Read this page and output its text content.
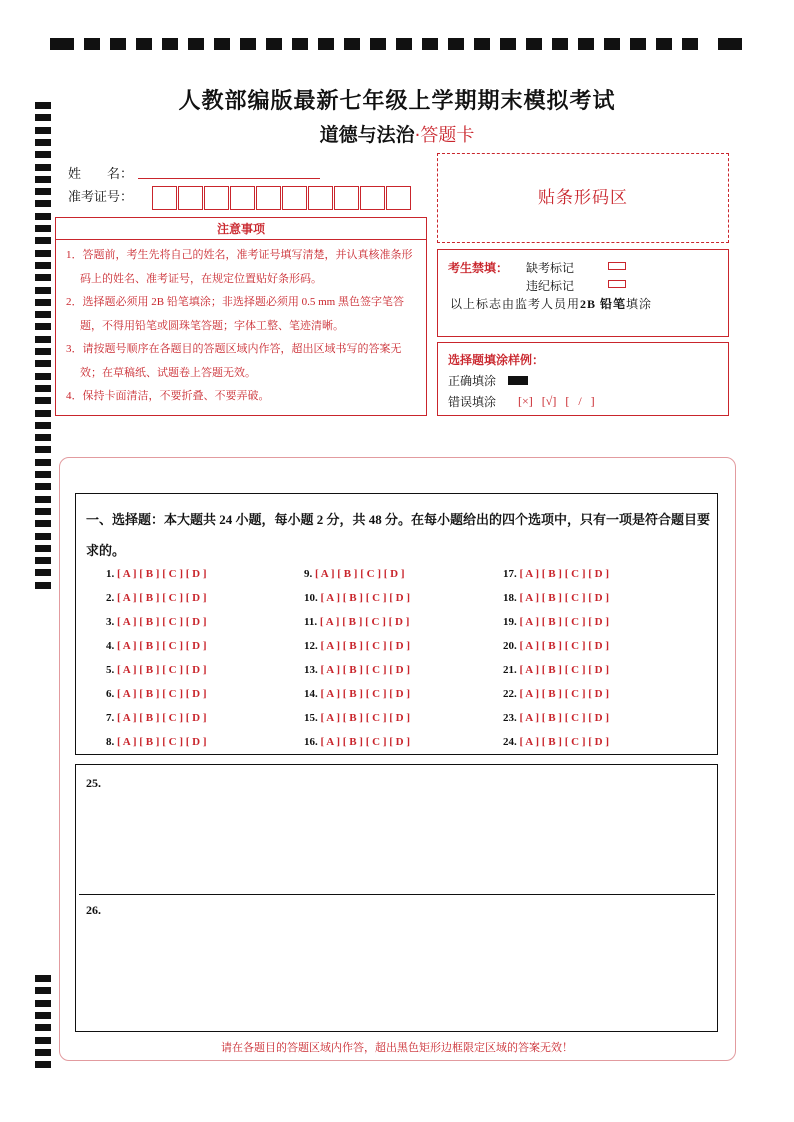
人教部编版最新七年级上学期期末模拟考试
道德与法治·答题卡
姓　　名：
准考证号：
注意事项
1．答题前，考生先将自己的姓名，准考证号填写清楚，并认真核准条形码上的姓名、准考证号，在规定位置贴好条形码。
2．选择题必须用 2B 铅笔填涂；非选择题必须用 0.5 mm 黑色签字笔答题，不得用铅笔或圆珠笔答题；字体工整、笔迹清晰。
3．请按题号顺序在各题目的答题区域内作答，超出区域书写的答案无效；在草稿纸、试题卷上答题无效。
4．保持卡面清洁，不要折叠、不要弄破。
贴条形码区
考生禁填： 缺考标记
违纪标记
以上标志由监考人员用2B 铅笔填涂
选择题填涂样例：
正确填涂
错误填涂 [×] [√] [ / ]
一、选择题：本大题共 24 小题，每小题 2 分，共 48 分。在每小题给出的四个选项中，只有一项是符合题目要求的。
1. [ A ] [ B ] [ C ] [ D ]
2. [ A ] [ B ] [ C ] [ D ]
3. [ A ] [ B ] [ C ] [ D ]
4. [ A ] [ B ] [ C ] [ D ]
5. [ A ] [ B ] [ C ] [ D ]
6. [ A ] [ B ] [ C ] [ D ]
7. [ A ] [ B ] [ C ] [ D ]
8. [ A ] [ B ] [ C ] [ D ]
9. [ A ] [ B ] [ C ] [ D ]
10. [ A ] [ B ] [ C ] [ D ]
11. [ A ] [ B ] [ C ] [ D ]
12. [ A ] [ B ] [ C ] [ D ]
13. [ A ] [ B ] [ C ] [ D ]
14. [ A ] [ B ] [ C ] [ D ]
15. [ A ] [ B ] [ C ] [ D ]
16. [ A ] [ B ] [ C ] [ D ]
17. [ A ] [ B ] [ C ] [ D ]
18. [ A ] [ B ] [ C ] [ D ]
19. [ A ] [ B ] [ C ] [ D ]
20. [ A ] [ B ] [ C ] [ D ]
21. [ A ] [ B ] [ C ] [ D ]
22. [ A ] [ B ] [ C ] [ D ]
23. [ A ] [ B ] [ C ] [ D ]
24. [ A ] [ B ] [ C ] [ D ]
25.
26.
请在各题目的答题区域内作答，超出黑色矩形边框限定区域的答案无效！
